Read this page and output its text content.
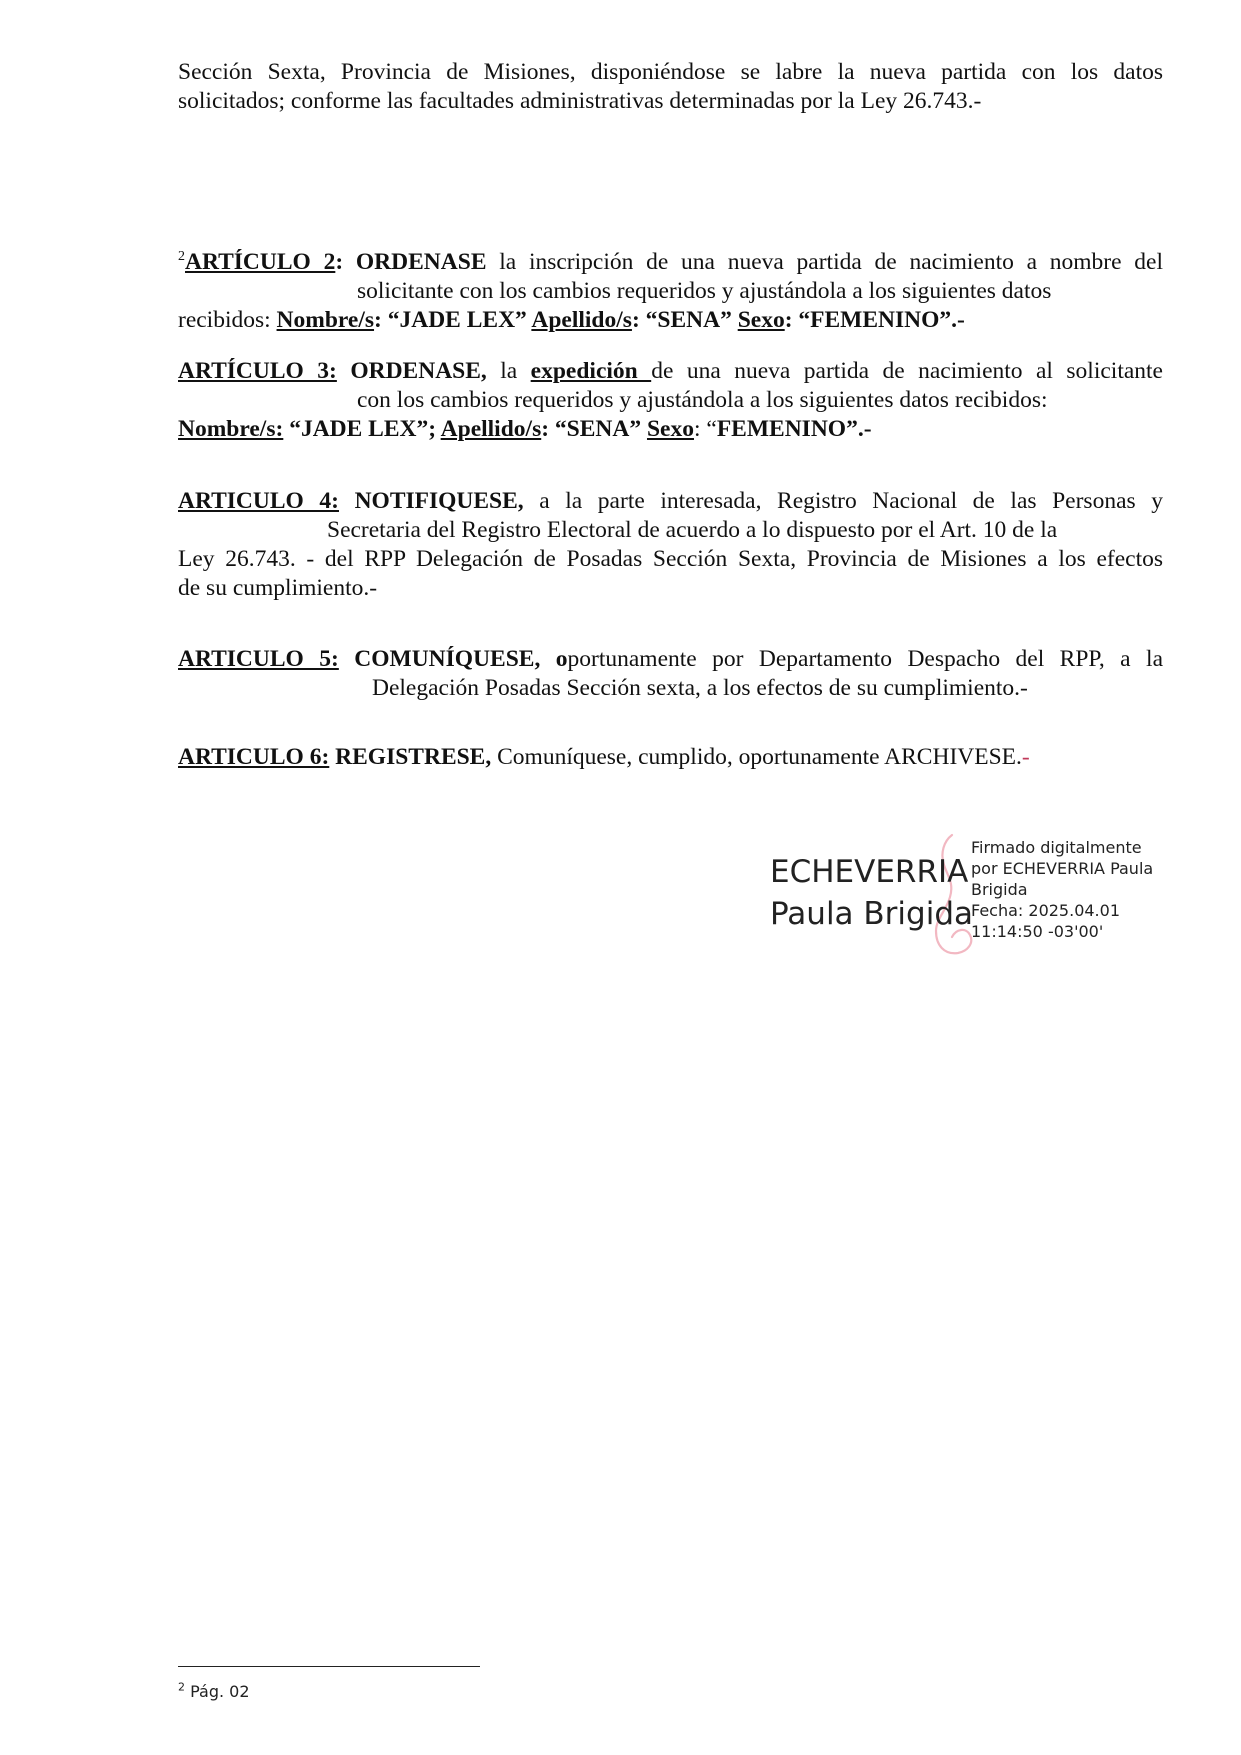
Sección Sexta, Provincia de Misiones, disponiéndose se labre la nueva partida con los datos
solicitados; conforme las facultades administrativas determinadas por la Ley 26.743.-
$^2$ARTÍCULO 2: ORDENASE la inscripción de una nueva partida de nacimiento a nombre del
solicitante con los cambios requeridos y ajustándola a los siguientes datos
recibidos: Nombre/s: “JADE LEX” Apellido/s: “SENA” Sexo: “FEMENINO”.-
ARTÍCULO 3: ORDENASE, la expedición de una nueva partida de nacimiento al solicitante
con los cambios requeridos y ajustándola a los siguientes datos recibidos:
Nombre/s: “JADE LEX”; Apellido/s: “SENA” Sexo: “FEMENINO”.-
ARTICULO 4: NOTIFIQUESE, a la parte interesada, Registro Nacional de las Personas y
Secretaria del Registro Electoral de acuerdo a lo dispuesto por el Art. 10 de la
Ley 26.743. - del RPP Delegación de Posadas Sección Sexta, Provincia de Misiones a los efectos
de su cumplimiento.-
ARTICULO 5: COMUNÍQUESE, oportunamente por Departamento Despacho del RPP, a la
Delegación Posadas Sección sexta, a los efectos de su cumplimiento.-
ARTICULO 6: REGISTRESE, Comuníquese, cumplido, oportunamente ARCHIVESE.-
ECHEVERRIA
Paula Brigida
Firmado digitalmente
por ECHEVERRIA Paula
Brigida
Fecha: 2025.04.01
11:14:50 -03'00'
$^2$ Pág. 02
